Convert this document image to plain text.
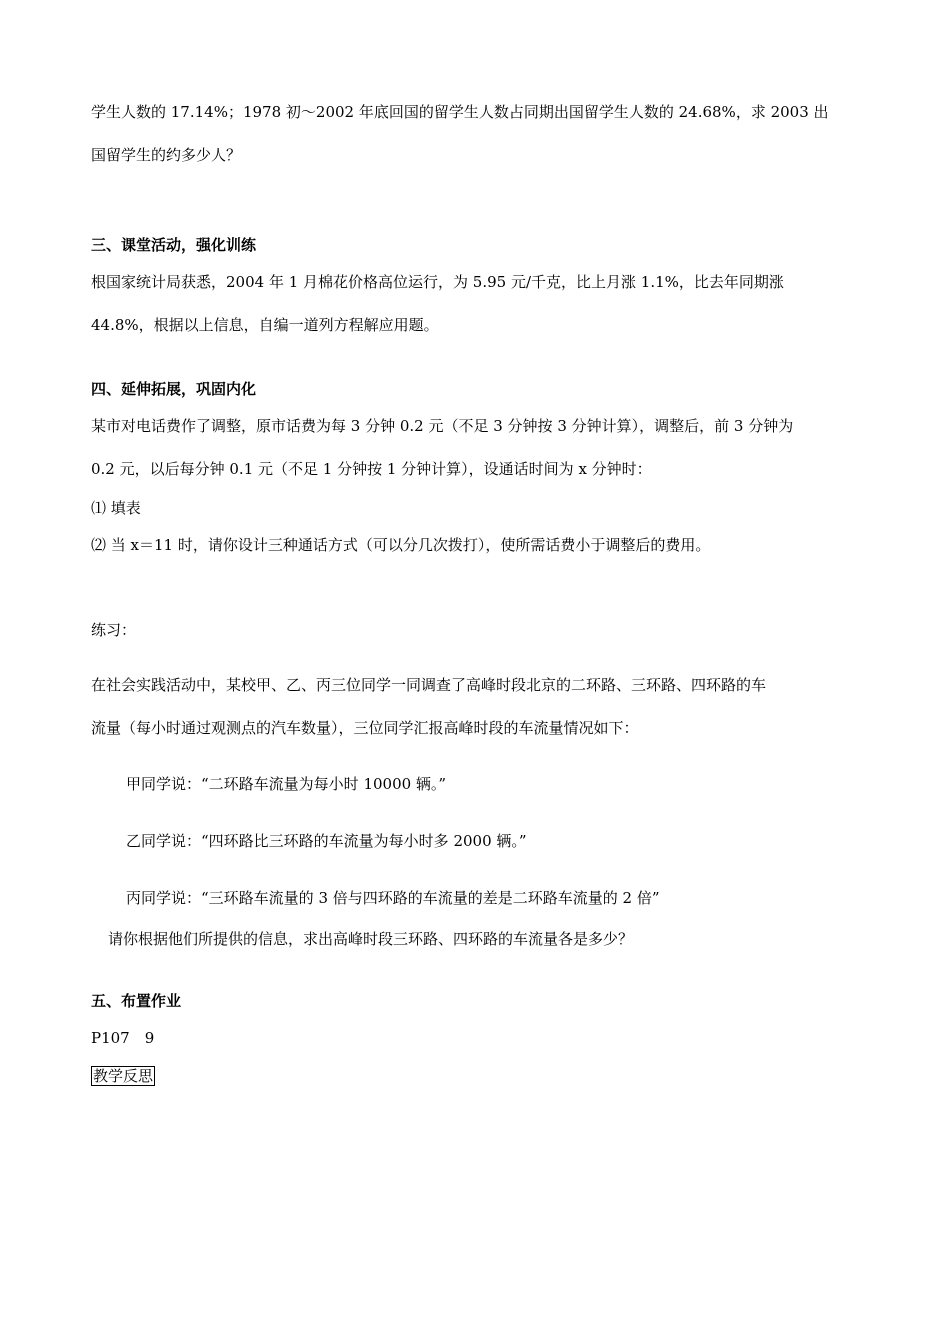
学生人数的 17.14%；1978 初～2002 年底回国的留学生人数占同期出国留学生人数的 24.68%，求 2003 出
国留学生的约多少人？
三、课堂活动，强化训练
根国家统计局获悉，2004 年 1 月棉花价格高位运行，为 5.95 元/千克，比上月涨 1.1%，比去年同期涨
44.8%，根据以上信息，自编一道列方程解应用题。
四、延伸拓展，巩固内化
某市对电话费作了调整，原市话费为每 3 分钟 0.2 元（不足 3 分钟按 3 分钟计算），调整后，前 3 分钟为
0.2 元，以后每分钟 0.1 元（不足 1 分钟按 1 分钟计算），设通话时间为 x 分钟时：
⑴ 填表
⑵ 当 x＝11 时，请你设计三种通话方式（可以分几次拨打），使所需话费小于调整后的费用。
练习：
在社会实践活动中，某校甲、乙、丙三位同学一同调查了高峰时段北京的二环路、三环路、四环路的车
流量（每小时通过观测点的汽车数量），三位同学汇报高峰时段的车流量情况如下：
甲同学说：“二环路车流量为每小时 10000 辆。”
乙同学说：“四环路比三环路的车流量为每小时多 2000 辆。”
丙同学说：“三环路车流量的 3 倍与四环路的车流量的差是二环路车流量的 2 倍”
请你根据他们所提供的信息，求出高峰时段三环路、四环路的车流量各是多少？
五、布置作业
P107　9
教学反思
